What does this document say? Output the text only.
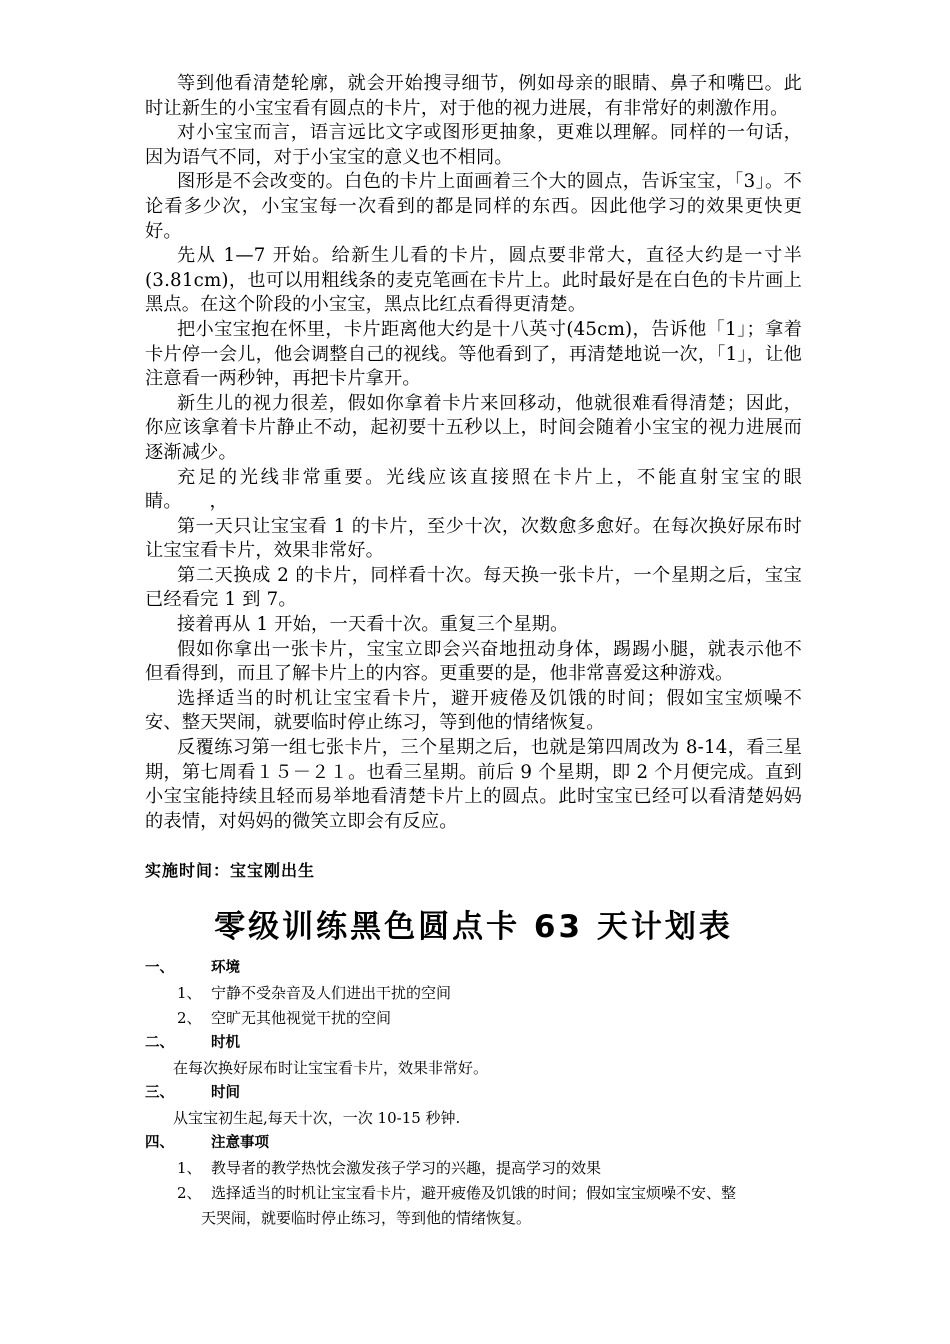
等到他看清楚轮廓，就会开始搜寻细节，例如母亲的眼睛、鼻子和嘴巴。此时让新生的小宝宝看有圆点的卡片，对于他的视力进展，有非常好的刺激作用。

对小宝宝而言，语言远比文字或图形更抽象，更难以理解。同样的一句话，因为语气不同，对于小宝宝的意义也不相同。

图形是不会改变的。白色的卡片上面画着三个大的圆点，告诉宝宝，「3」。不论看多少次，小宝宝每一次看到的都是同样的东西。因此他学习的效果更快更好。

先从 1—7 开始。给新生儿看的卡片，圆点要非常大，直径大约是一寸半(3.81cm)，也可以用粗线条的麦克笔画在卡片上。此时最好是在白色的卡片画上黑点。在这个阶段的小宝宝，黑点比红点看得更清楚。

把小宝宝抱在怀里，卡片距离他大约是十八英寸(45cm)，告诉他「1」；拿着卡片停一会儿，他会调整自己的视线。等他看到了，再清楚地说一次，「1」，让他注意看一两秒钟，再把卡片拿开。

新生儿的视力很差，假如你拿着卡片来回移动，他就很难看得清楚；因此，你应该拿着卡片静止不动，起初要十五秒以上，时间会随着小宝宝的视力进展而逐渐减少。

充足的光线非常重要。光线应该直接照在卡片上，不能直射宝宝的眼睛。　　，

第一天只让宝宝看 1 的卡片，至少十次，次数愈多愈好。在每次换好尿布时让宝宝看卡片，效果非常好。

第二天换成 2 的卡片，同样看十次。每天换一张卡片，一个星期之后，宝宝已经看完 1 到 7。

接着再从 1 开始，一天看十次。重复三个星期。

假如你拿出一张卡片，宝宝立即会兴奋地扭动身体，踢踢小腿，就表示他不但看得到，而且了解卡片上的内容。更重要的是，他非常喜爱这种游戏。

选择适当的时机让宝宝看卡片，避开疲倦及饥饿的时间；假如宝宝烦噪不安、整天哭闹，就要临时停止练习，等到他的情绪恢复。

反覆练习第一组七张卡片，三个星期之后，也就是第四周改为 8-14，看三星期，第七周看１５－２１。也看三星期。前后 9 个星期，即 2 个月便完成。直到小宝宝能持续且轻而易举地看清楚卡片上的圆点。此时宝宝已经可以看清楚妈妈的表情，对妈妈的微笑立即会有反应。

实施时间：宝宝刚出生
零级训练黑色圆点卡 63 天计划表
一、	环境
1、 宁静不受杂音及人们进出干扰的空间
2、 空旷无其他视觉干扰的空间
二、	时机
在每次换好尿布时让宝宝看卡片，效果非常好。
三、	时间
从宝宝初生起,每天十次，一次 10-15 秒钟.
四、	注意事项
1、 教导者的教学热忱会激发孩子学习的兴趣，提高学习的效果
2、 选择适当的时机让宝宝看卡片，避开疲倦及饥饿的时间；假如宝宝烦噪不安、整
天哭闹，就要临时停止练习，等到他的情绪恢复。
